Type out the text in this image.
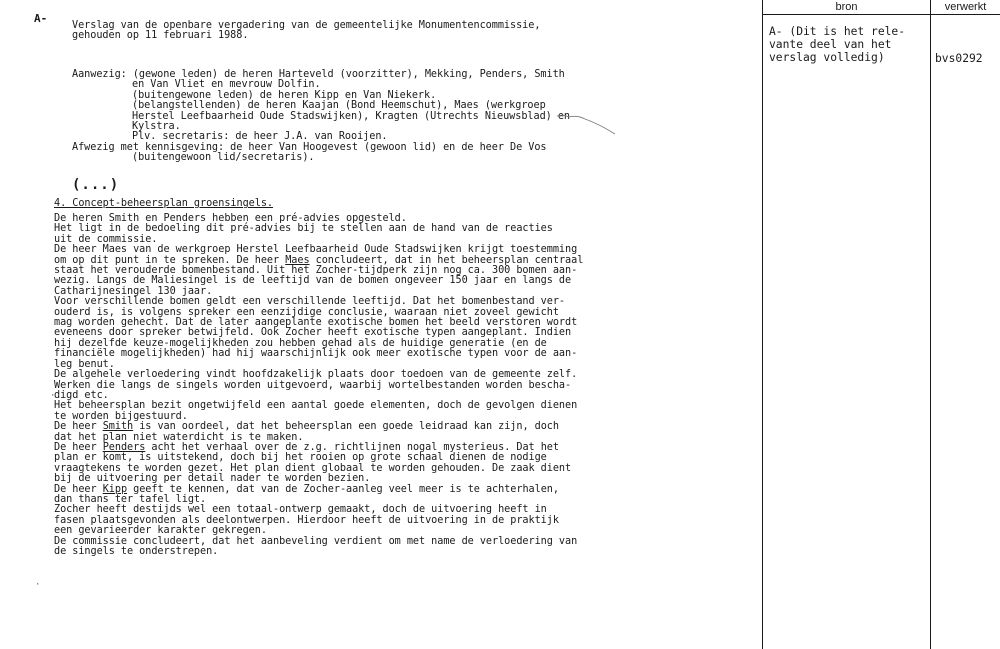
A-
Verslag van de openbare vergadering van de gemeentelijke Monumentencommissie,
gehouden op 11 februari 1988.
Aanwezig: (gewone leden) de heren Harteveld (voorzitter), Mekking, Penders, Smith
en Van Vliet en mevrouw Dolfin.
(buitengewone leden) de heren Kipp en Van Niekerk.
(belangstellenden) de heren Kaajan (Bond Heemschut), Maes (werkgroep
Herstel Leefbaarheid Oude Stadswijken), Kragten (Utrechts Nieuwsblad) en
Kylstra.
Plv. secretaris: de heer J.A. van Rooijen.
Afwezig met kennisgeving: de heer Van Hoogevest (gewoon lid) en de heer De Vos
(buitengewoon lid/secretaris).
(...)
4. Concept-beheersplan groensingels.
De heren Smith en Penders hebben een pré-advies opgesteld.
Het ligt in de bedoeling dit pré-advies bij te stellen aan de hand van de reacties
uit de commissie.
De heer Maes van de werkgroep Herstel Leefbaarheid Oude Stadswijken krijgt toestemming
om op dit punt in te spreken. De heer Maes concludeert, dat in het beheersplan centraal
staat het verouderde bomenbestand. Uit het Zocher-tijdperk zijn nog ca. 300 bomen aan-
wezig. Langs de Maliesingel is de leeftijd van de bomen ongeveer 150 jaar en langs de
Catharijnesingel 130 jaar.
Voor verschillende bomen geldt een verschillende leeftijd. Dat het bomenbestand ver-
ouderd is, is volgens spreker een eenzijdige conclusie, waaraan niet zoveel gewicht
mag worden gehecht. Dat de later aangeplante exotische bomen het beeld verstoren wordt
eveneens door spreker betwijfeld. Ook Zocher heeft exotische typen aangeplant. Indien
hij dezelfde keuze-mogelijkheden zou hebben gehad als de huidige generatie (en de
financiële mogelijkheden) had hij waarschijnlijk ook meer exotische typen voor de aan-
leg benut.
De algehele verloedering vindt hoofdzakelijk plaats door toedoen van de gemeente zelf.
Werken die langs de singels worden uitgevoerd, waarbij wortelbestanden worden bescha-
digd etc.
Het beheersplan bezit ongetwijfeld een aantal goede elementen, doch de gevolgen dienen
te worden bijgestuurd.
De heer Smith is van oordeel, dat het beheersplan een goede leidraad kan zijn, doch
dat het plan niet waterdicht is te maken.
De heer Penders acht het verhaal over de z.g. richtlijnen nogal mysterieus. Dat het
plan er komt, is uitstekend, doch bij het rooien op grote schaal dienen de nodige
vraagtekens te worden gezet. Het plan dient globaal te worden gehouden. De zaak dient
bij de uitvoering per detail nader te worden bezien.
De heer Kipp geeft te kennen, dat van de Zocher-aanleg veel meer is te achterhalen,
dan thans ter tafel ligt.
Zocher heeft destijds wel een totaal-ontwerp gemaakt, doch de uitvoering heeft in
fasen plaatsgevonden als deelontwerpen. Hierdoor heeft de uitvoering in de praktijk
een gevarieerder karakter gekregen.
De commissie concludeert, dat het aanbeveling verdient om met name de verloedering van
de singels te onderstrepen.
·
·
bron	verwerkt
A- (Dit is het rele-
vante deel van het
verslag volledig)	bvs0292
